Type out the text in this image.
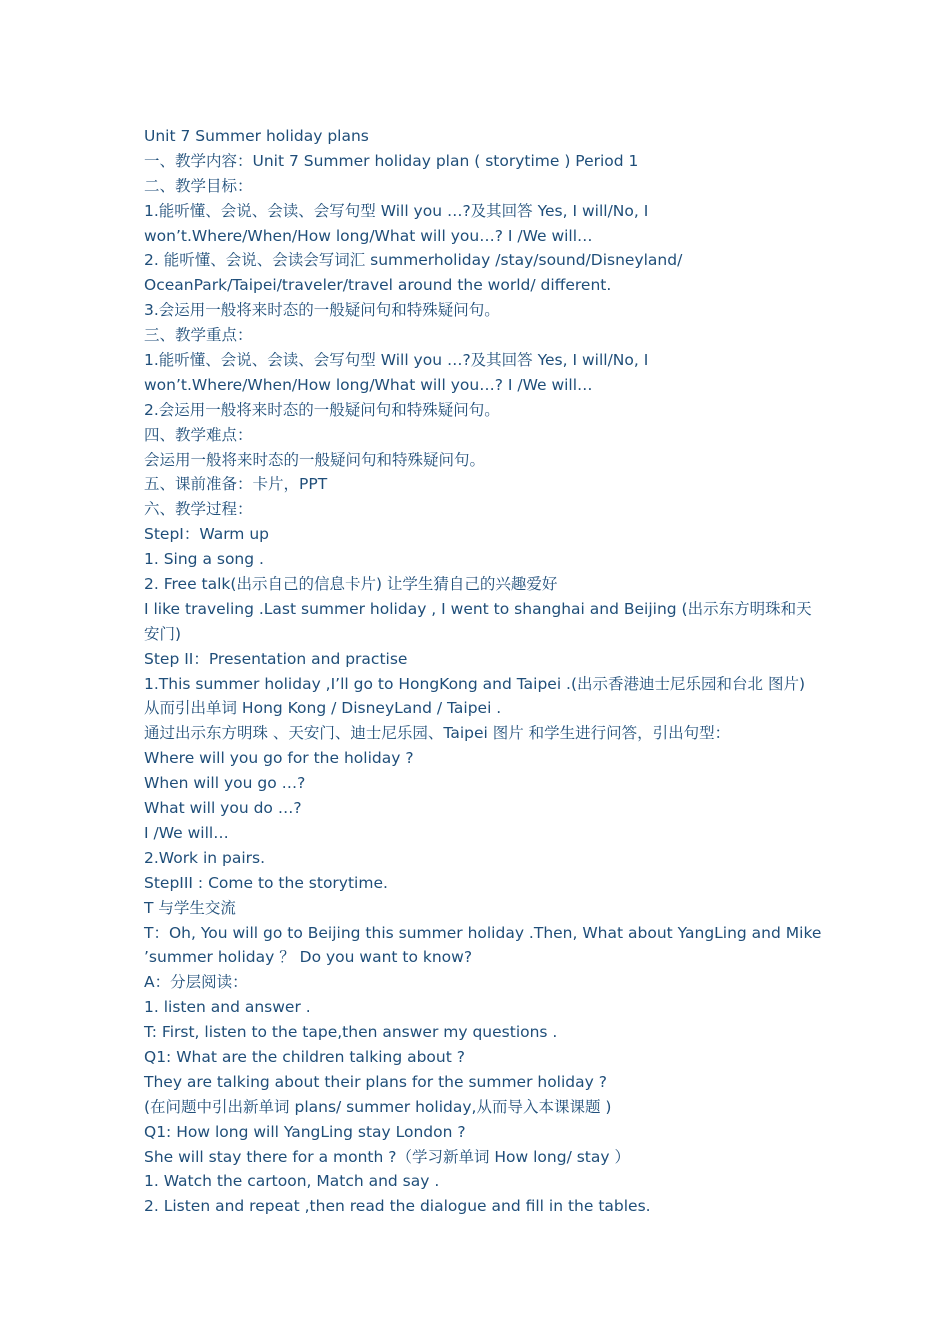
Unit 7 Summer holiday plans
一、教学内容：Unit 7 Summer holiday plan ( storytime ) Period 1
二、教学目标：
1.能听懂、会说、会读、会写句型 Will you …?及其回答 Yes, I will/No, I
won’t.Where/When/How long/What will you…? I /We will…
2. 能听懂、会说、会读会写词汇 summerholiday /stay/sound/Disneyland/
OceanPark/Taipei/traveler/travel around the world/ different.
3.会运用一般将来时态的一般疑问句和特殊疑问句。
三、教学重点：
1.能听懂、会说、会读、会写句型 Will you …?及其回答 Yes, I will/No, I
won’t.Where/When/How long/What will you…? I /We will…
2.会运用一般将来时态的一般疑问句和特殊疑问句。
四、教学难点：
会运用一般将来时态的一般疑问句和特殊疑问句。
五、课前准备：卡片，PPT
六、教学过程：
StepI：Warm up
1. Sing a song .
2. Free talk(出示自己的信息卡片) 让学生猜自己的兴趣爱好
I like traveling .Last summer holiday , I went to shanghai and Beijing (出示东方明珠和天
安门)
Step II：Presentation and practise
1.This summer holiday ,I’ll go to HongKong and Taipei .(出示香港迪士尼乐园和台北 图片)
从而引出单词 Hong Kong / DisneyLand / Taipei .
通过出示东方明珠 、天安门、迪士尼乐园、Taipei 图片 和学生进行问答，引出句型：
Where will you go for the holiday ?
When will you go …?
What will you do …?
I /We will…
2.Work in pairs.
StepIII : Come to the storytime.
T 与学生交流
T：Oh, You will go to Beijing this summer holiday .Then, What about YangLing and Mike
’summer holiday ？ Do you want to know?
A：分层阅读：
1. listen and answer .
T: First, listen to the tape,then answer my questions .
Q1: What are the children talking about ?
They are talking about their plans for the summer holiday ?
(在问题中引出新单词 plans/ summer holiday,从而导入本课课题 )
Q1: How long will YangLing stay London ?
She will stay there for a month ?（学习新单词 How long/ stay ）
1. Watch the cartoon, Match and say .
2. Listen and repeat ,then read the dialogue and fill in the tables.
